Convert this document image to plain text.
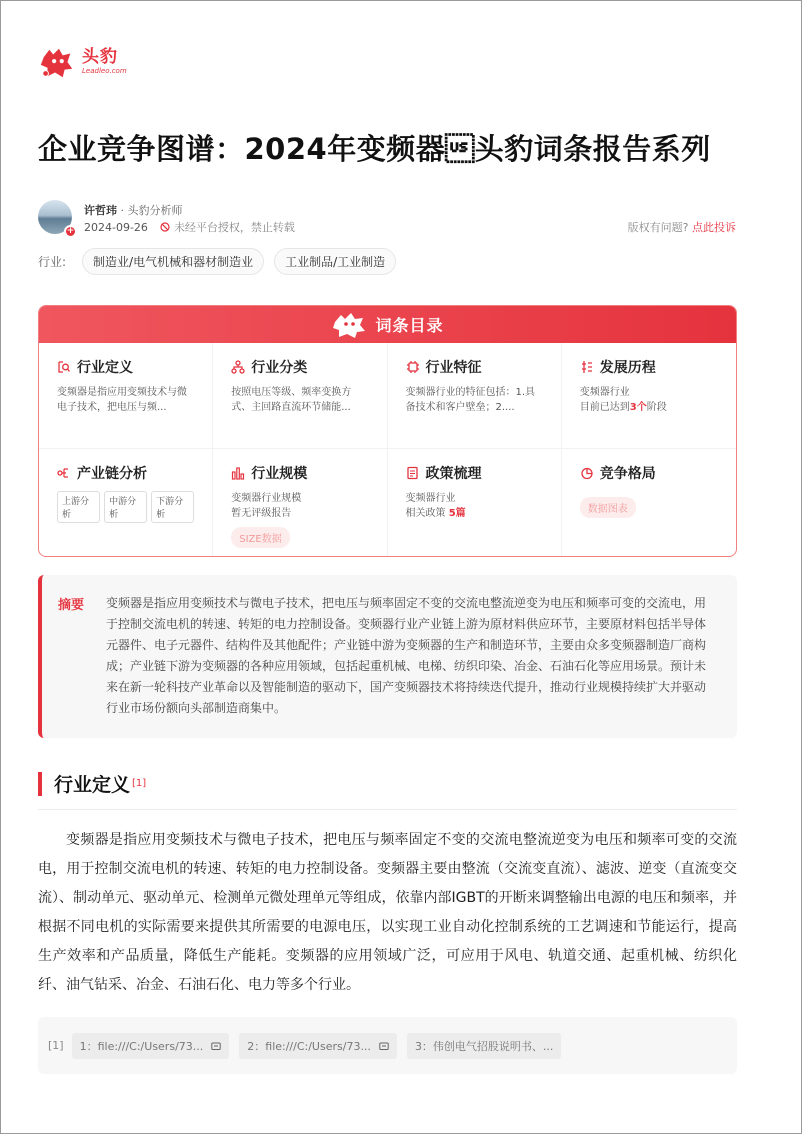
头豹
Leadleo.com
企业竞争图谱：2024年变频器头豹词条报告系列
+
许哲玮 · 头豹分析师
2024-09-26 未经平台授权，禁止转载	版权有问题? 点此投诉
行业:	制造业/电气机械和器材制造业	工业制品/工业制造
词条目录
行业定义
变频器是指应用变频技术与微电子技术，把电压与频...
行业分类
按照电压等级、频率变换方式、主回路直流环节储能...
行业特征
变频器行业的特征包括：1.具备技术和客户壁垒；2....
发展历程
变频器行业
目前已达到3个阶段
产业链分析
上游分析
中游分析
下游分析
行业规模
变频器行业规模
暂无评级报告
SIZE数据
政策梳理
变频器行业
相关政策 5篇
竞争格局
数据图表
摘要	变频器是指应用变频技术与微电子技术，把电压与频率固定不变的交流电整流逆变为电压和频率可变的交流电，用于控制交流电机的转速、转矩的电力控制设备。变频器行业产业链上游为原材料供应环节，主要原材料包括半导体元器件、电子元器件、结构件及其他配件；产业链中游为变频器的生产和制造环节，主要由众多变频器制造厂商构成；产业链下游为变频器的各种应用领域，包括起重机械、电梯、纺织印染、冶金、石油石化等应用场景。预计未来在新一轮科技产业革命以及智能制造的驱动下，国产变频器技术将持续迭代提升，推动行业规模持续扩大并驱动行业市场份额向头部制造商集中。
行业定义 [1]
变频器是指应用变频技术与微电子技术，把电压与频率固定不变的交流电整流逆变为电压和频率可变的交流电，用于控制交流电机的转速、转矩的电力控制设备。变频器主要由整流（交流变直流）、滤波、逆变（直流变交流）、制动单元、驱动单元、检测单元微处理单元等组成，依靠内部IGBT的开断来调整输出电源的电压和频率，并根据不同电机的实际需要来提供其所需要的电源电压，以实现工业自动化控制系统的工艺调速和节能运行，提高生产效率和产品质量，降低生产能耗。变频器的应用领域广泛，可应用于风电、轨道交通、起重机械、纺织化纤、油气钻采、冶金、石油石化、电力等多个行业。
[1] 1：file:///C:/Users/73...	2：file:///C:/Users/73...	3：伟创电气招股说明书、...
